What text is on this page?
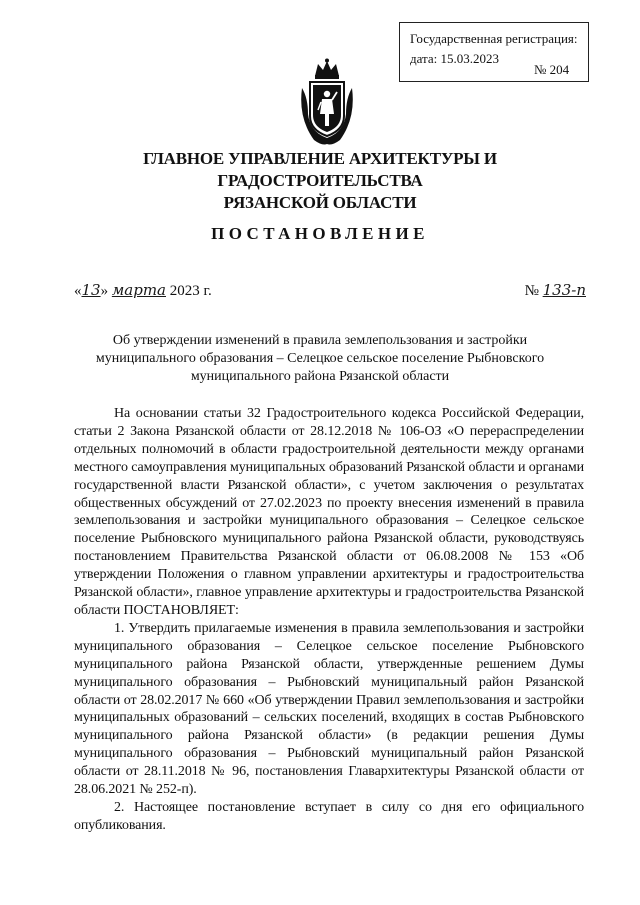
Государственная регистрация:
дата: 15.03.2023
№ 204
ГЛАВНОЕ УПРАВЛЕНИЕ АРХИТЕКТУРЫ И ГРАДОСТРОИТЕЛЬСТВА
РЯЗАНСКОЙ ОБЛАСТИ
ПОСТАНОВЛЕНИЕ
«13» марта 2023 г.	№ 133-п
Об утверждении изменений в правила землепользования и застройки
муниципального образования – Селецкое сельское поселение Рыбновского
муниципального района Рязанской области

На основании статьи 32 Градостроительного кодекса Российской Федерации, статьи 2 Закона Рязанской области от 28.12.2018 № 106-ОЗ «О перераспределении отдельных полномочий в области градостроительной деятельности между органами местного самоуправления муниципальных образований Рязанской области и органами государственной власти Рязанской области», с учетом заключения о результатах общественных обсуждений от 27.02.2023 по проекту внесения изменений в правила землепользования и застройки муниципального образования – Селецкое сельское поселение Рыбновского муниципального района Рязанской области, руководствуясь постановлением Правительства Рязанской области от 06.08.2008 № 153 «Об утверждении Положения о главном управлении архитектуры и градостроительства Рязанской области», главное управление архитектуры и градостроительства Рязанской области ПОСТАНОВЛЯЕТ:

1. Утвердить прилагаемые изменения в правила землепользования и застройки муниципального образования – Селецкое сельское поселение Рыбновского муниципального района Рязанской области, утвержденные решением Думы муниципального образования – Рыбновский муниципальный район Рязанской области от 28.02.2017 № 660 «Об утверждении Правил землепользования и застройки муниципальных образований – сельских поселений, входящих в состав Рыбновского муниципального района Рязанской области» (в редакции решения Думы муниципального образования – Рыбновский муниципальный район Рязанской области от 28.11.2018 № 96, постановления Главархитектуры Рязанской области от 28.06.2021 № 252-п).

2. Настоящее постановление вступает в силу со дня его официального опубликования.
